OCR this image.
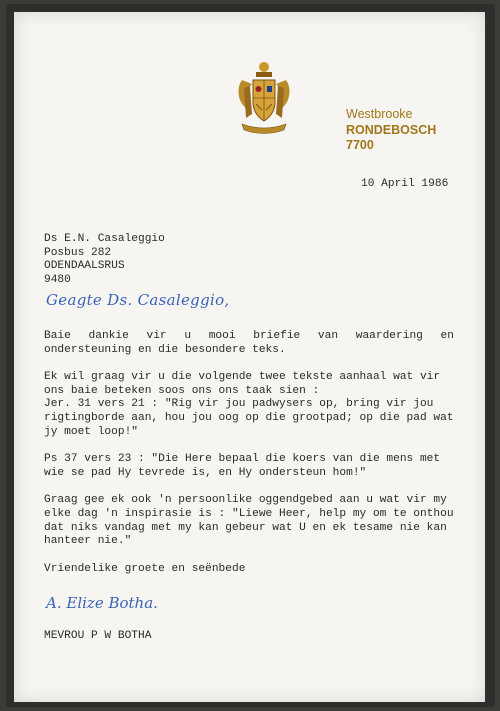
Westbrooke
RONDEBOSCH
7700
10 April 1986
Ds E.N. Casaleggio
Posbus 282
ODENDAALSRUS
9480
Geagte Ds. Casaleggio,
Baie dankie vir u mooi briefie van waardering en ondersteuning en die besondere teks.
Ek wil graag vir u die volgende twee tekste aanhaal wat vir ons baie beteken soos ons ons taak sien :
Jer. 31 vers 21 : "Rig vir jou padwysers op, bring vir jou rigtingborde aan, hou jou oog op die grootpad; op die pad wat jy moet loop!"
Ps 37 vers 23 : "Die Here bepaal die koers van die mens met wie se pad Hy tevrede is, en Hy ondersteun hom!"
Graag gee ek ook 'n persoonlike oggendgebed aan u wat vir my elke dag 'n inspirasie is : "Liewe Heer, help my om te onthou dat niks vandag met my kan gebeur wat U en ek tesame nie kan hanteer nie."
Vriendelike groete en seënbede
A. Elize Botha.
MEVROU P W BOTHA
